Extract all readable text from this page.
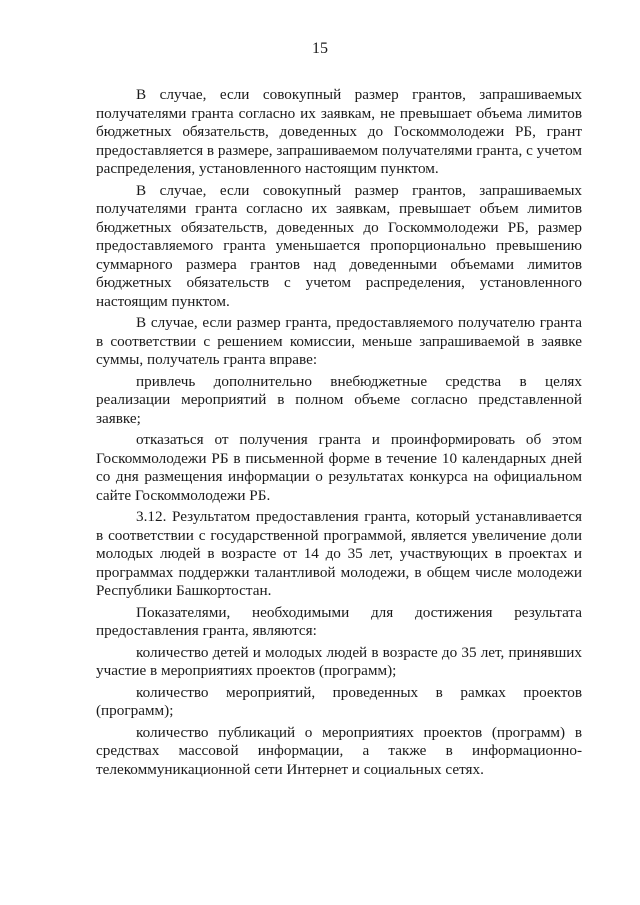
15

В случае, если совокупный размер грантов, запрашиваемых получателями гранта согласно их заявкам, не превышает объема лимитов бюджетных обязательств, доведенных до Госкоммолодежи РБ, грант предоставляется в размере, запрашиваемом получателями гранта, с учетом распределения, установленного настоящим пунктом.

В случае, если совокупный размер грантов, запрашиваемых получателями гранта согласно их заявкам, превышает объем лимитов бюджетных обязательств, доведенных до Госкоммолодежи РБ, размер предоставляемого гранта уменьшается пропорционально превышению суммарного размера грантов над доведенными объемами лимитов бюджетных обязательств с учетом распределения, установленного настоящим пунктом.

В случае, если размер гранта, предоставляемого получателю гранта в соответствии с решением комиссии, меньше запрашиваемой в заявке суммы, получатель гранта вправе:

привлечь дополнительно внебюджетные средства в целях реализации мероприятий в полном объеме согласно представленной заявке;

отказаться от получения гранта и проинформировать об этом Госкоммолодежи РБ в письменной форме в течение 10 календарных дней со дня размещения информации о результатах конкурса на официальном сайте Госкоммолодежи РБ.

3.12. Результатом предоставления гранта, который устанавливается в соответствии с государственной программой, является увеличение доли молодых людей в возрасте от 14 до 35 лет, участвующих в проектах и программах поддержки талантливой молодежи, в общем числе молодежи Республики Башкортостан.

Показателями, необходимыми для достижения результата предоставления гранта, являются:

количество детей и молодых людей в возрасте до 35 лет, принявших участие в мероприятиях проектов (программ);

количество мероприятий, проведенных в рамках проектов (программ);

количество публикаций о мероприятиях проектов (программ) в средствах массовой информации, а также в информационно-телекоммуникационной сети Интернет и социальных сетях.
